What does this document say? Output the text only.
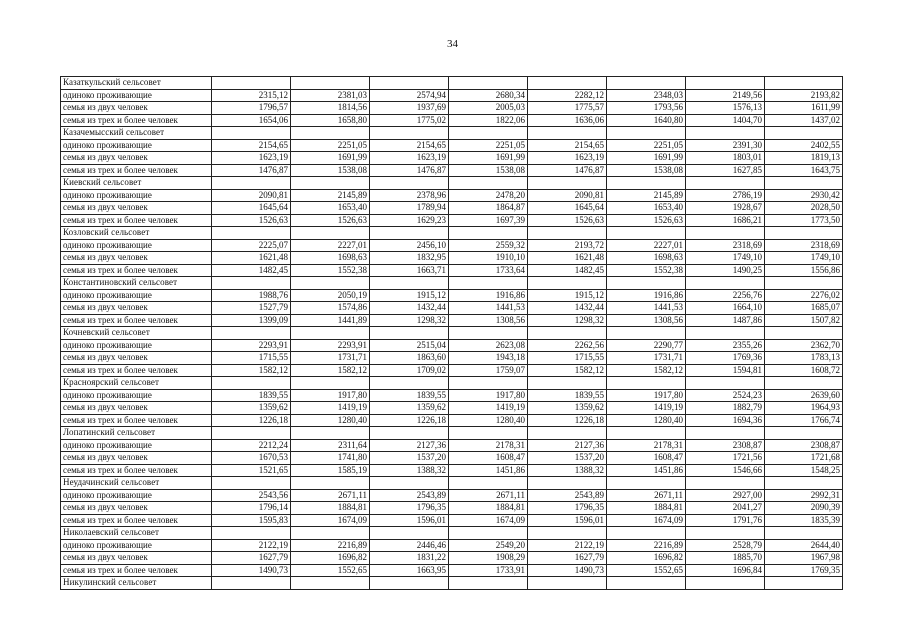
34
Казаткульский сельсовет								
одиноко проживающие	2315,12	2381,03	2574,94	2680,34	2282,12	2348,03	2149,56	2193,82
семья из двух человек	1796,57	1814,56	1937,69	2005,03	1775,57	1793,56	1576,13	1611,99
семья из трех и более человек	1654,06	1658,80	1775,02	1822,06	1636,06	1640,80	1404,70	1437,02
Казачемысский сельсовет								
одиноко проживающие	2154,65	2251,05	2154,65	2251,05	2154,65	2251,05	2391,30	2402,55
семья из двух человек	1623,19	1691,99	1623,19	1691,99	1623,19	1691,99	1803,01	1819,13
семья из трех и более человек	1476,87	1538,08	1476,87	1538,08	1476,87	1538,08	1627,85	1643,75
Киевский сельсовет								
одиноко проживающие	2090,81	2145,89	2378,96	2478,20	2090,81	2145,89	2786,19	2930,42
семья из двух человек	1645,64	1653,40	1789,94	1864,87	1645,64	1653,40	1928,67	2028,50
семья из трех и более человек	1526,63	1526,63	1629,23	1697,39	1526,63	1526,63	1686,21	1773,50
Козловский сельсовет								
одиноко проживающие	2225,07	2227,01	2456,10	2559,32	2193,72	2227,01	2318,69	2318,69
семья из двух человек	1621,48	1698,63	1832,95	1910,10	1621,48	1698,63	1749,10	1749,10
семья из трех и более человек	1482,45	1552,38	1663,71	1733,64	1482,45	1552,38	1490,25	1556,86
Константиновский сельсовет								
одиноко проживающие	1988,76	2050,19	1915,12	1916,86	1915,12	1916,86	2256,76	2276,02
семья из двух человек	1527,79	1574,86	1432,44	1441,53	1432,44	1441,53	1664,10	1685,07
семья из трех и более человек	1399,09	1441,89	1298,32	1308,56	1298,32	1308,56	1487,86	1507,82
Кочневский сельсовет								
одиноко проживающие	2293,91	2293,91	2515,04	2623,08	2262,56	2290,77	2355,26	2362,70
семья из двух человек	1715,55	1731,71	1863,60	1943,18	1715,55	1731,71	1769,36	1783,13
семья из трех и более человек	1582,12	1582,12	1709,02	1759,07	1582,12	1582,12	1594,81	1608,72
Красноярский сельсовет								
одиноко проживающие	1839,55	1917,80	1839,55	1917,80	1839,55	1917,80	2524,23	2639,60
семья из двух человек	1359,62	1419,19	1359,62	1419,19	1359,62	1419,19	1882,79	1964,93
семья из трех и более человек	1226,18	1280,40	1226,18	1280,40	1226,18	1280,40	1694,36	1766,74
Лопатинский сельсовет								
одиноко проживающие	2212,24	2311,64	2127,36	2178,31	2127,36	2178,31	2308,87	2308,87
семья из двух человек	1670,53	1741,80	1537,20	1608,47	1537,20	1608,47	1721,56	1721,68
семья из трех и более человек	1521,65	1585,19	1388,32	1451,86	1388,32	1451,86	1546,66	1548,25
Неудачинский сельсовет								
одиноко проживающие	2543,56	2671,11	2543,89	2671,11	2543,89	2671,11	2927,00	2992,31
семья из двух человек	1796,14	1884,81	1796,35	1884,81	1796,35	1884,81	2041,27	2090,39
семья из трех и более человек	1595,83	1674,09	1596,01	1674,09	1596,01	1674,09	1791,76	1835,39
Николаевский сельсовет								
одиноко проживающие	2122,19	2216,89	2446,46	2549,20	2122,19	2216,89	2528,79	2644,40
семья из двух человек	1627,79	1696,82	1831,22	1908,29	1627,79	1696,82	1885,70	1967,98
семья из трех и более человек	1490,73	1552,65	1663,95	1733,91	1490,73	1552,65	1696,84	1769,35
Никулинский сельсовет								
